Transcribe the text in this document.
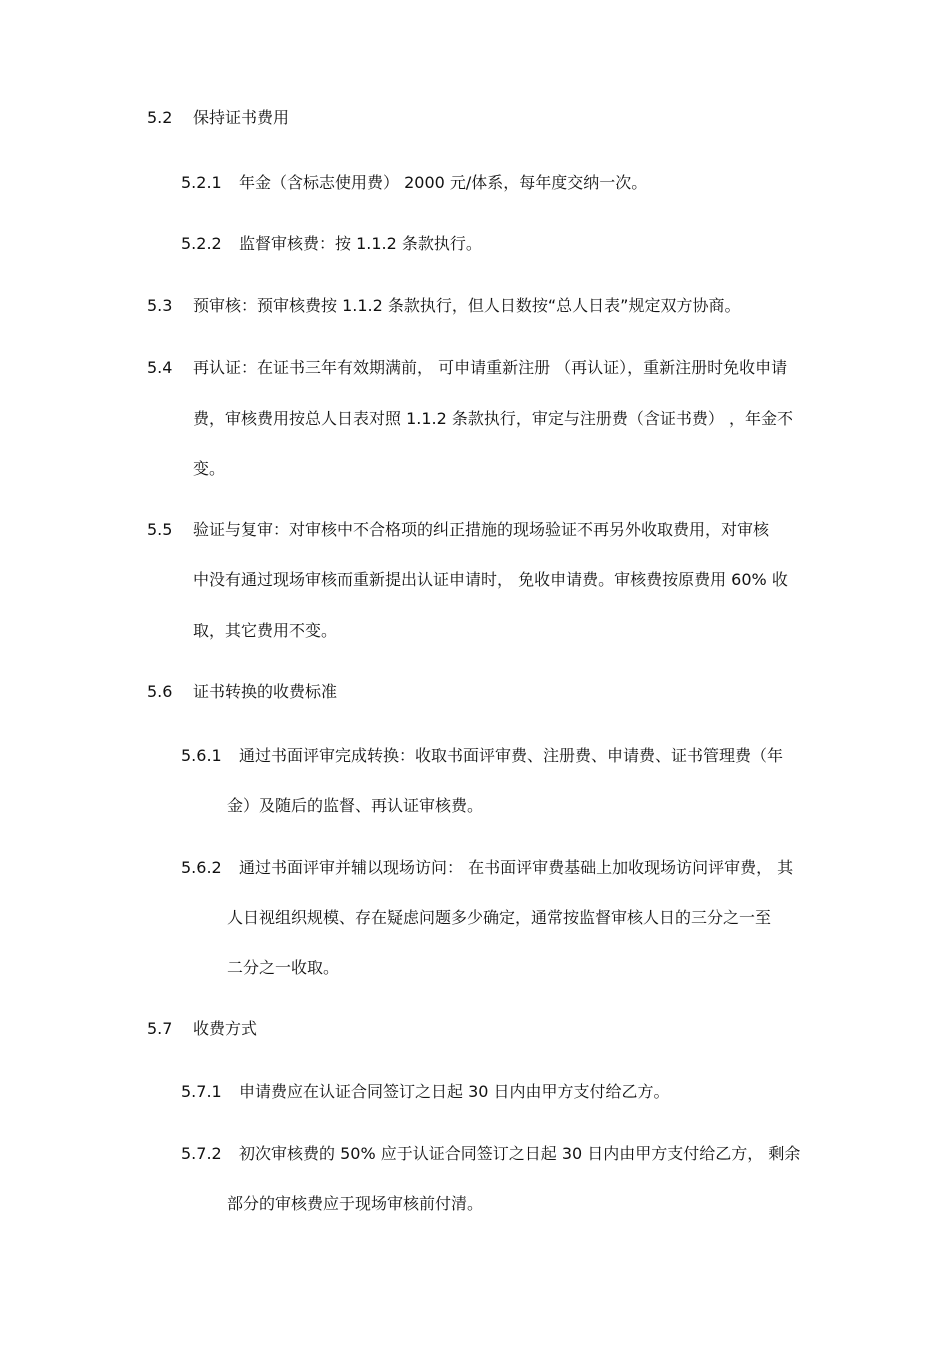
5.2 保持证书费用
5.2.1 年金（含标志使用费） 2000 元/体系，每年度交纳一次。
5.2.2 监督审核费：按 1.1.2 条款执行。
5.3 预审核：预审核费按 1.1.2 条款执行，但人日数按“总人日表”规定双方协商。
5.4 再认证：在证书三年有效期满前， 可申请重新注册 （再认证），重新注册时免收申请
费，审核费用按总人日表对照 1.1.2 条款执行，审定与注册费（含证书费） ，年金不
变。
5.5 验证与复审：对审核中不合格项的纠正措施的现场验证不再另外收取费用，对审核
中没有通过现场审核而重新提出认证申请时， 免收申请费。审核费按原费用 60% 收
取，其它费用不变。
5.6 证书转换的收费标准
5.6.1 通过书面评审完成转换：收取书面评审费、注册费、申请费、证书管理费（年
金）及随后的监督、再认证审核费。
5.6.2 通过书面评审并辅以现场访问： 在书面评审费基础上加收现场访问评审费， 其
人日视组织规模、存在疑虑问题多少确定，通常按监督审核人日的三分之一至
二分之一收取。
5.7 收费方式
5.7.1 申请费应在认证合同签订之日起 30 日内由甲方支付给乙方。
5.7.2 初次审核费的 50% 应于认证合同签订之日起 30 日内由甲方支付给乙方， 剩余
部分的审核费应于现场审核前付清。
